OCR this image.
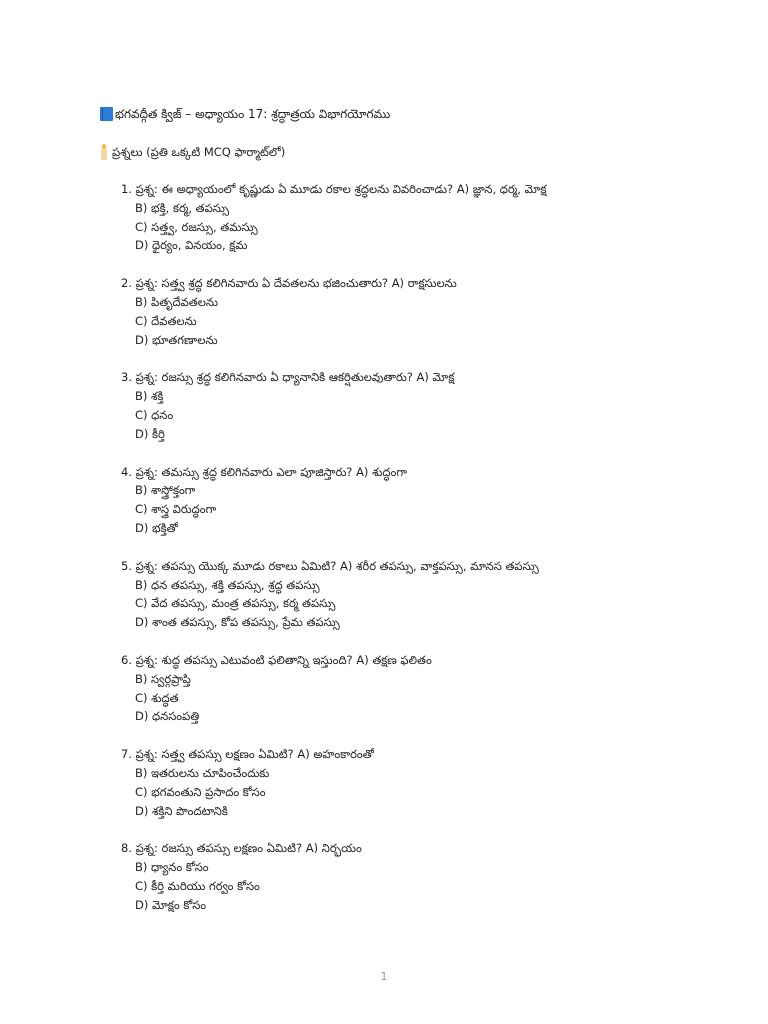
భగవద్గీత క్విజ్ – అధ్యాయం 17: శ్రద్ధాత్రయ విభాగయోగము
ప్రశ్నలు (ప్రతి ఒక్కటి MCQ ఫార్మాట్‌లో)
1. ప్రశ్న: ఈ అధ్యాయంలో కృష్ణుడు ఏ మూడు రకాల శ్రద్ధలను వివరించాడు? A) జ్ఞాన, ధర్మ, మోక్ష
B) భక్తి, కర్మ, తపస్సు
C) సత్త్వ, రజస్సు, తమస్సు
D) ధైర్యం, వినయం, క్షమ
2. ప్రశ్న: సత్త్వ శ్రద్ధ కలిగినవారు ఏ దేవతలను భజించుతారు? A) రాక్షసులను
B) పితృదేవతలను
C) దేవతలను
D) భూతగణాలను
3. ప్రశ్న: రజస్సు శ్రద్ధ కలిగినవారు ఏ ధ్యానానికి ఆకర్షితులవుతారు? A) మోక్ష
B) శక్తి
C) ధనం
D) కీర్తి
4. ప్రశ్న: తమస్సు శ్రద్ధ కలిగినవారు ఎలా పూజిస్తారు? A) శుద్ధంగా
B) శాస్త్రోక్తంగా
C) శాస్త్ర విరుద్ధంగా
D) భక్తితో
5. ప్రశ్న: తపస్సు యొక్క మూడు రకాలు ఏమిటి? A) శరీర తపస్సు, వాక్తపస్సు, మానస తపస్సు
B) ధన తపస్సు, శక్తి తపస్సు, శ్రద్ధ తపస్సు
C) వేద తపస్సు, మంత్ర తపస్సు, కర్మ తపస్సు
D) శాంత తపస్సు, కోప తపస్సు, ప్రేమ తపస్సు
6. ప్రశ్న: శుద్ధ తపస్సు ఎటువంటి ఫలితాన్ని ఇస్తుంది? A) తక్షణ ఫలితం
B) స్వర్గప్రాప్తి
C) శుద్ధత
D) ధనసంపత్తి
7. ప్రశ్న: సత్త్వ తపస్సు లక్షణం ఏమిటి? A) అహంకారంతో
B) ఇతరులను చూపించేందుకు
C) భగవంతుని ప్రసాదం కోసం
D) శక్తిని పొందటానికి
8. ప్రశ్న: రజస్సు తపస్సు లక్షణం ఏమిటి? A) నిర్భయం
B) ధ్యానం కోసం
C) కీర్తి మరియు గర్వం కోసం
D) మోక్షం కోసం
1
